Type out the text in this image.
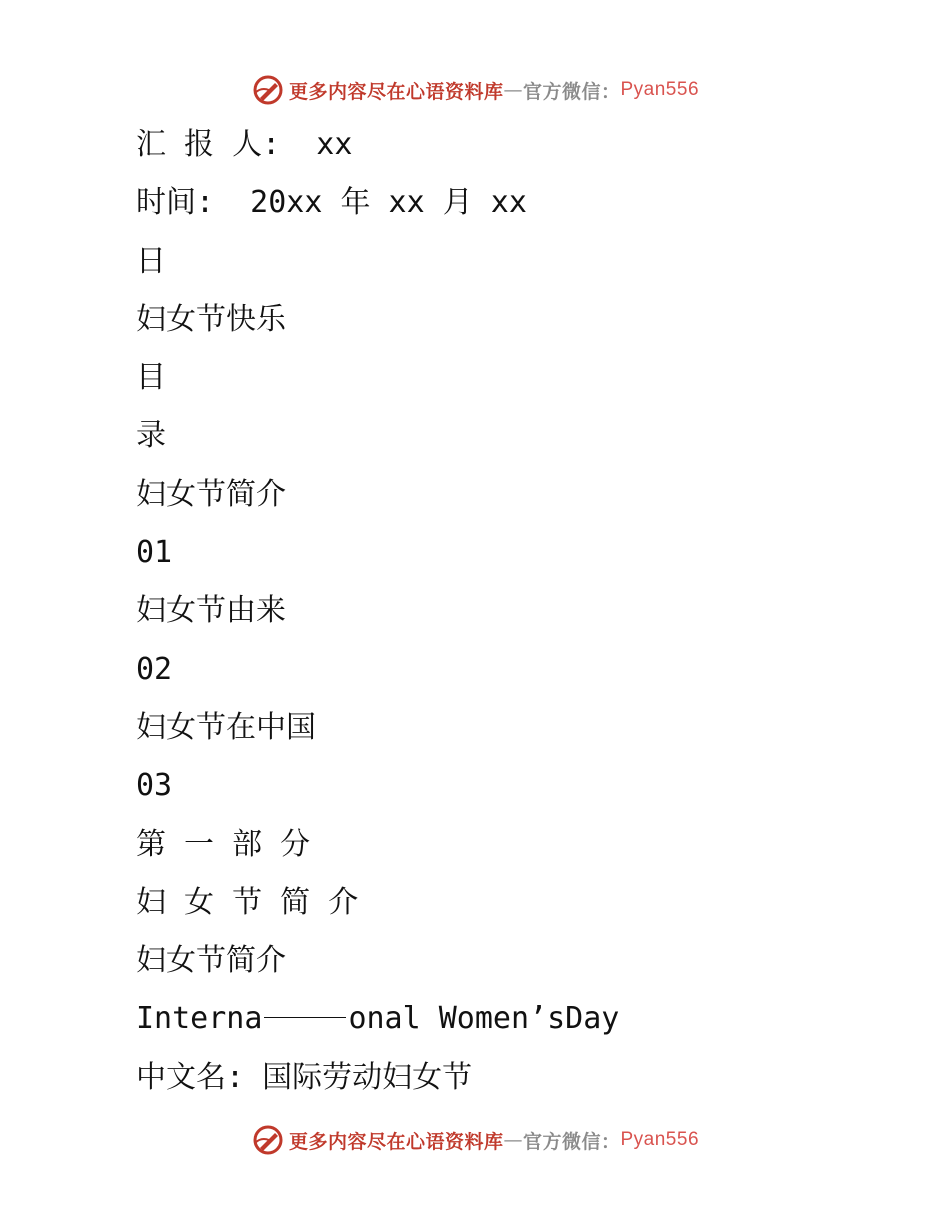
更多内容尽在心语资料库 — 官方微信： Pyan556
汇 报 人:  xx
时间:  20xx 年 xx 月 xx
日
妇女节快乐
目
录
妇女节简介
01
妇女节由来
02
妇女节在中国
03
第 一 部 分
妇 女 节 简 介
妇女节简介
Interna	onal Women’sDay
中文名: 国际劳动妇女节
更多内容尽在心语资料库 — 官方微信： Pyan556
